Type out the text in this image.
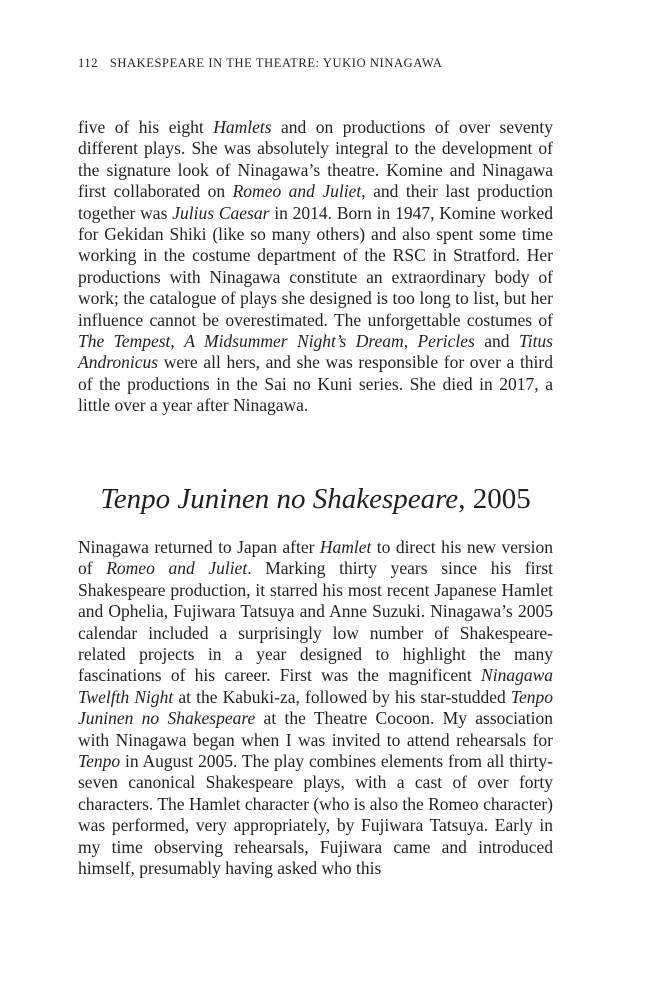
112 SHAKESPEARE IN THE THEATRE: YUKIO NINAGAWA

five of his eight Hamlets and on productions of over seventy different plays. She was absolutely integral to the development of the signature look of Ninagawa’s theatre. Komine and Ninagawa first collaborated on Romeo and Juliet, and their last production together was Julius Caesar in 2014. Born in 1947, Komine worked for Gekidan Shiki (like so many others) and also spent some time working in the costume department of the RSC in Stratford. Her productions with Ninagawa constitute an extraordinary body of work; the catalogue of plays she designed is too long to list, but her influence cannot be overestimated. The unforgettable costumes of The Tempest, A Midsummer Night’s Dream, Pericles and Titus Andronicus were all hers, and she was responsible for over a third of the productions in the Sai no Kuni series. She died in 2017, a little over a year after Ninagawa.

Tenpo Juninen no Shakespeare, 2005

Ninagawa returned to Japan after Hamlet to direct his new version of Romeo and Juliet. Marking thirty years since his first Shakespeare production, it starred his most recent Japanese Hamlet and Ophelia, Fujiwara Tatsuya and Anne Suzuki. Ninagawa’s 2005 calendar included a surprisingly low number of Shakespeare-related projects in a year designed to highlight the many fascinations of his career. First was the magnificent Ninagawa Twelfth Night at the Kabuki-za, followed by his star-studded Tenpo Juninen no Shakespeare at the Theatre Cocoon. My association with Ninagawa began when I was invited to attend rehearsals for Tenpo in August 2005. The play combines elements from all thirty-seven canonical Shakespeare plays, with a cast of over forty characters. The Hamlet character (who is also the Romeo character) was performed, very appropriately, by Fujiwara Tatsuya. Early in my time observing rehearsals, Fujiwara came and introduced himself, presumably having asked who this
